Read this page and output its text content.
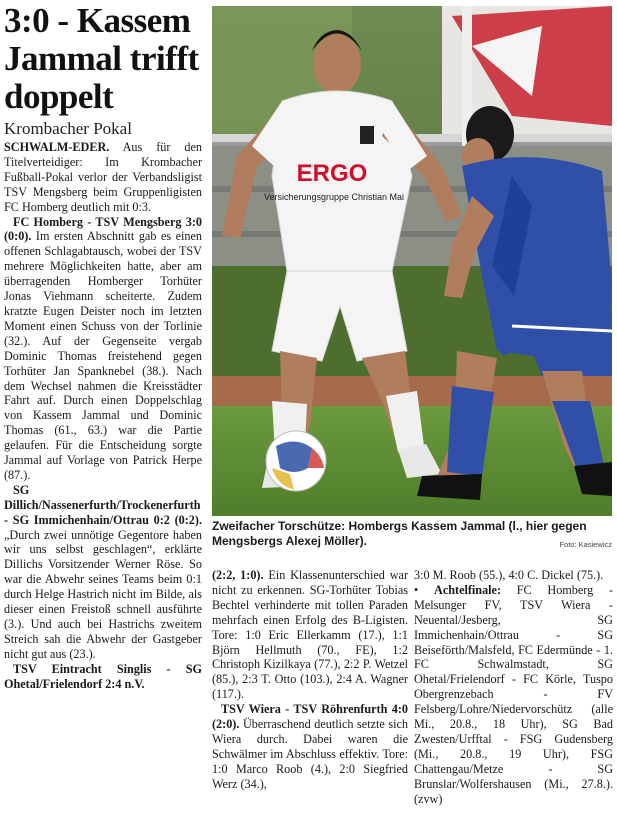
3:0 - Kassem Jammal trifft doppelt
Krombacher Pokal

SCHWALM-EDER. Aus für den Titelverteidiger: Im Krombacher Fußball-Pokal verlor der Verbandsligist TSV Mengsberg beim Gruppenligisten FC Homberg deutlich mit 0:3.

FC Homberg - TSV Mengsberg 3:0 (0:0). Im ersten Abschnitt gab es einen offenen Schlagabtausch, wobei der TSV mehrere Möglichkeiten hatte, aber am überragenden Homberger Torhüter Jonas Viehmann scheiterte. Zudem kratzte Eugen Deister noch im letzten Moment einen Schuss von der Torlinie (32.). Auf der Gegenseite vergab Dominic Thomas freistehend gegen Torhüter Jan Spanknebel (38.). Nach dem Wechsel nahmen die Kreisstädter Fahrt auf. Durch einen Doppelschlag von Kassem Jammal und Dominic Thomas (61., 63.) war die Partie gelaufen. Für die Entscheidung sorgte Jammal auf Vorlage von Patrick Herpe (87.).

SG Dillich/Nassenerfurth/Trockenerfurth - SG Immichenhain/Ottrau 0:2 (0:2). „Durch zwei unnötige Gegentore haben wir uns selbst geschlagen“, erklärte Dillichs Vorsitzender Werner Röse. So war die Abwehr seines Teams beim 0:1 durch Helge Hastrich nicht im Bilde, als dieser einen Freistoß schnell ausführte (3.). Und auch bei Hastrichs zweitem Streich sah die Abwehr der Gastgeber nicht gut aus (23.).

TSV Eintracht Singlis - SG Ohetal/Frielendorf 2:4 n.V.

ERGO
Versicherungsgruppe Christian Mai
Zweifacher Torschütze: Hombergs Kassem Jammal (l., hier gegen Mengsbergs Alexej Möller).	Foto: Kasiewicz

(2:2, 1:0). Ein Klassenunterschied war nicht zu erkennen. SG-Torhüter Tobias Bechtel verhinderte mit tollen Paraden mehrfach einen Erfolg des B-Ligisten. Tore: 1:0 Eric Ellerkamm (17.), 1:1 Björn Hellmuth (70., FE), 1:2 Christoph Kizilkaya (77.), 2:2 P. Wetzel (85.), 2:3 T. Otto (103.), 2:4 A. Wagner (117.).

TSV Wiera - TSV Röhrenfurth 4:0 (2:0). Überraschend deutlich setzte sich Wiera durch. Dabei waren die Schwälmer im Abschluss effektiv. Tore: 1:0 Marco Roob (4.), 2:0 Siegfried Werz (34.),

3:0 M. Roob (55.), 4:0 C. Dickel (75.).

• Achtelfinale: FC Homberg - Melsunger FV, TSV Wiera - Neuental/Jesberg, SG Immichenhain/Ottrau - SG Beiseförth/Malsfeld, FC Edermünde - 1. FC Schwalmstadt, SG Ohetal/Frielendorf - FC Körle, Tuspo Obergrenzebach - FV Felsberg/Lohre/Niedervorschütz (alle Mi., 20.8., 18 Uhr), SG Bad Zwesten/Urfftal - FSG Gudensberg (Mi., 20.8., 19 Uhr), FSG Chattengau/Metze - SG Brunslar/Wolfershausen (Mi., 27.8.). (zvw)
